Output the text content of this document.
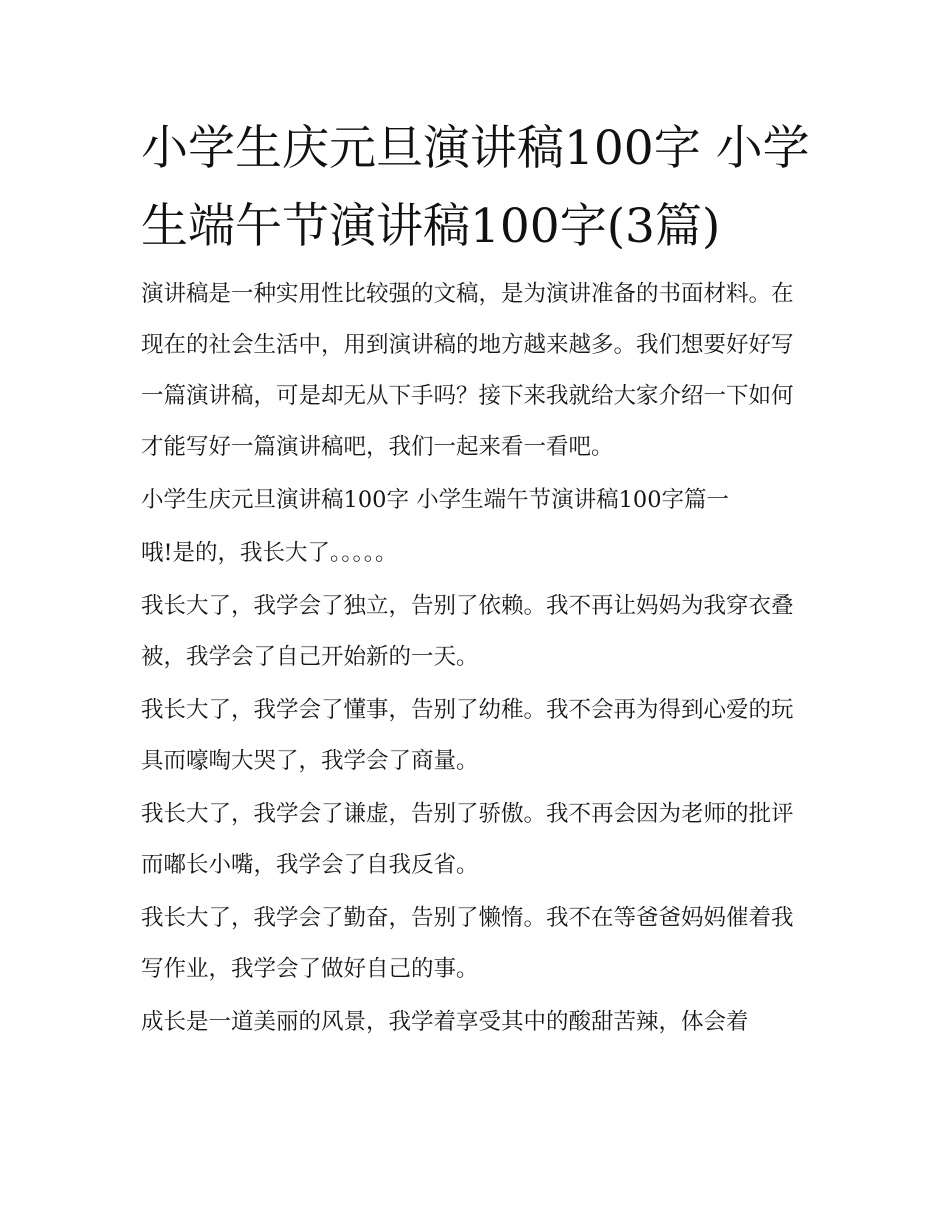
小学生庆元旦演讲稿100字 小学生端午节演讲稿100字(3篇)

演讲稿是一种实用性比较强的文稿，是为演讲准备的书面材料。在现在的社会生活中，用到演讲稿的地方越来越多。我们想要好好写一篇演讲稿，可是却无从下手吗？接下来我就给大家介绍一下如何才能写好一篇演讲稿吧，我们一起来看一看吧。

小学生庆元旦演讲稿100字 小学生端午节演讲稿100字篇一

哦!是的，我长大了。。。。。

我长大了，我学会了独立，告别了依赖。我不再让妈妈为我穿衣叠被，我学会了自己开始新的一天。

我长大了，我学会了懂事，告别了幼稚。我不会再为得到心爱的玩具而嚎啕大哭了，我学会了商量。

我长大了，我学会了谦虚，告别了骄傲。我不再会因为老师的批评而嘟长小嘴，我学会了自我反省。

我长大了，我学会了勤奋，告别了懒惰。我不在等爸爸妈妈催着我写作业，我学会了做好自己的事。

成长是一道美丽的风景，我学着享受其中的酸甜苦辣，体会着
